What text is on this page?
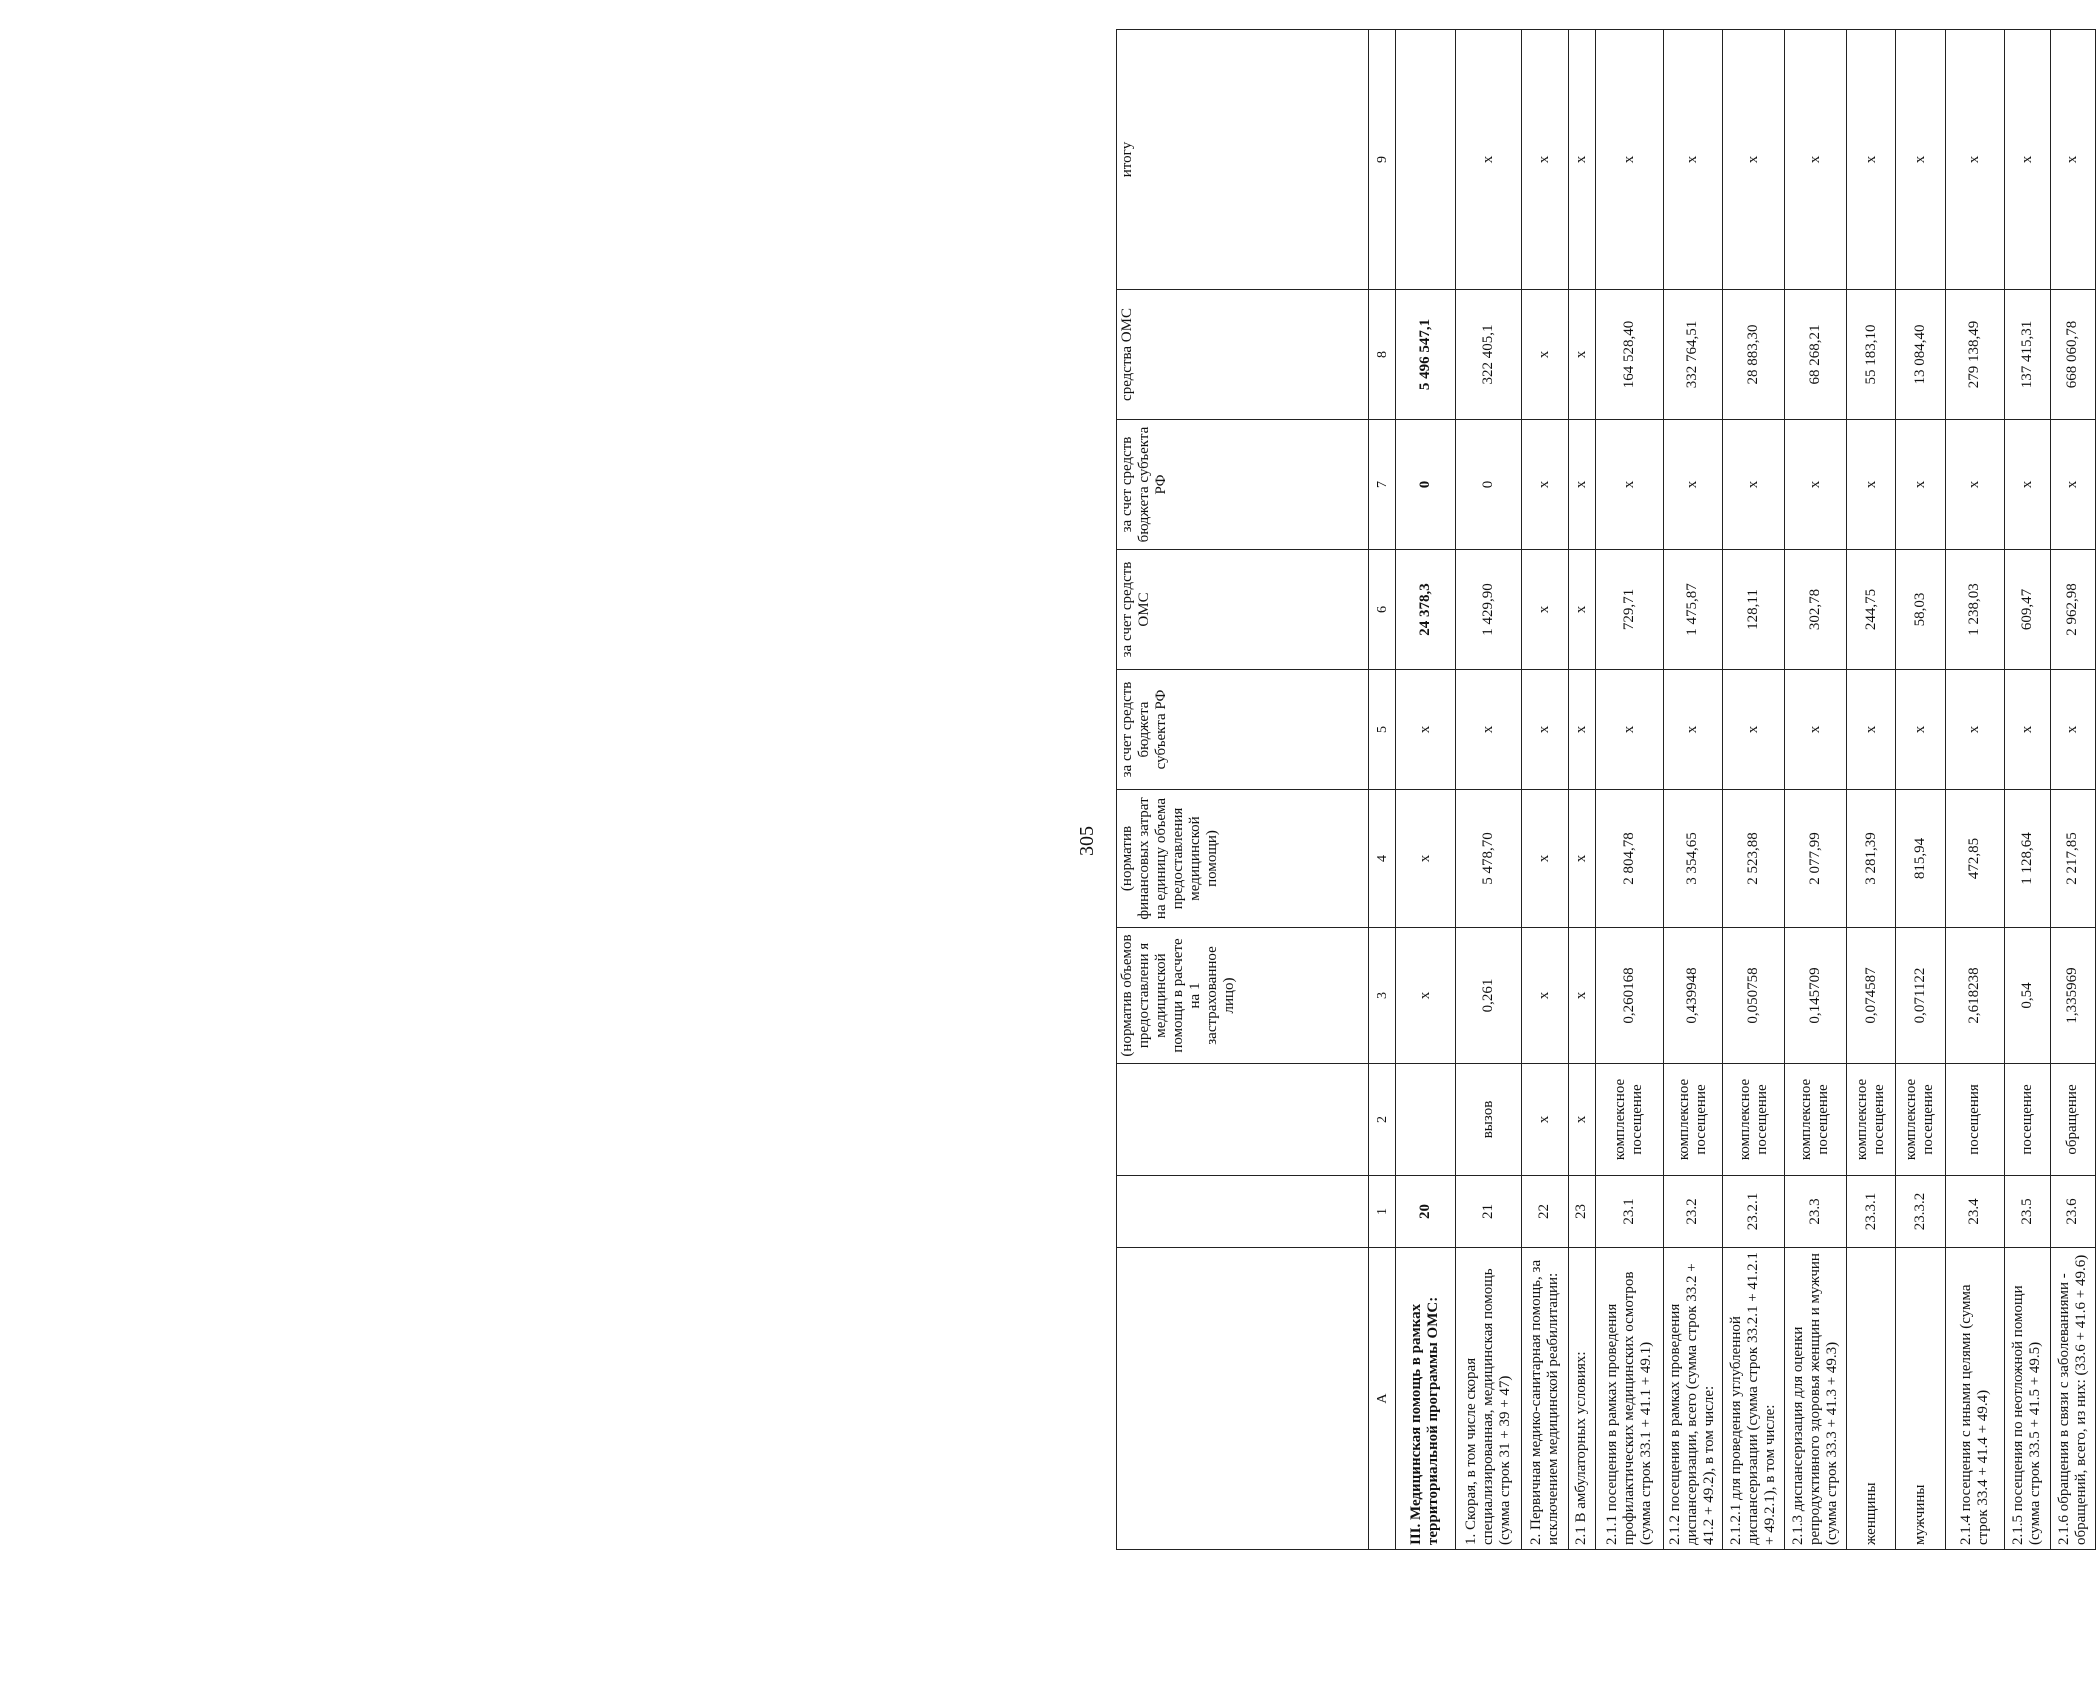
			(норматив объемов предоставлени я медицинской помощи в расчете на 1 застрахованное лицо)	(норматив финансовых затрат на единицу объема предоставления медицинской помощи)	за счет средств бюджета субъекта РФ	за счет средств ОМС	за счет средств бюджета субъекта РФ	средства ОМС	итогу
А	1	2	3	4	5	6	7	8	9
III. Медицинская помощь в рамках территориальной программы ОМС:	20		х	х	х	24 378,3	0	5 496 547,1	
1. Скорая, в том числе скорая специализированная, медицинская помощь (сумма строк 31 + 39 + 47)	21	вызов	0,261	5 478,70	х	1 429,90	0	322 405,1	х
2. Первичная медико-санитарная помощь, за исключением медицинской реабилитации:	22	х	х	х	х	х	х	х	х
2.1 В амбулаторных условиях:	23	х	х	х	х	х	х	х	х
2.1.1 посещения в рамках проведения профилактических медицинских осмотров (сумма строк 33.1 + 41.1 + 49.1)	23.1	комплексное посещение	0,260168	2 804,78	х	729,71	х	164 528,40	х
2.1.2 посещения в рамках проведения диспансеризации, всего (сумма строк 33.2 + 41.2 + 49.2), в том числе:	23.2	комплексное посещение	0,439948	3 354,65	х	1 475,87	х	332 764,51	х
2.1.2.1 для проведения углубленной диспансеризации (сумма строк 33.2.1 + 41.2.1 + 49.2.1), в том числе:	23.2.1	комплексное посещение	0,050758	2 523,88	х	128,11	х	28 883,30	х
2.1.3 диспансеризация для оценки репродуктивного здоровья женщин и мужчин (сумма строк 33.3 + 41.3 + 49.3)	23.3	комплексное посещение	0,145709	2 077,99	х	302,78	х	68 268,21	х
женщины	23.3.1	комплексное посещение	0,074587	3 281,39	х	244,75	х	55 183,10	х
мужчины	23.3.2	комплексное посещение	0,071122	815,94	х	58,03	х	13 084,40	х
2.1.4 посещения с иными целями (сумма строк 33.4 + 41.4 + 49.4)	23.4	посещения	2,618238	472,85	х	1 238,03	х	279 138,49	х
2.1.5 посещения по неотложной помощи (сумма строк 33.5 + 41.5 + 49.5)	23.5	посещение	0,54	1 128,64	х	609,47	х	137 415,31	х
2.1.6 обращения в связи с заболеваниями - обращений, всего, из них: (33.6 + 41.6 + 49.6)	23.6	обращение	1,335969	2 217,85	х	2 962,98	х	668 060,78	х
305
